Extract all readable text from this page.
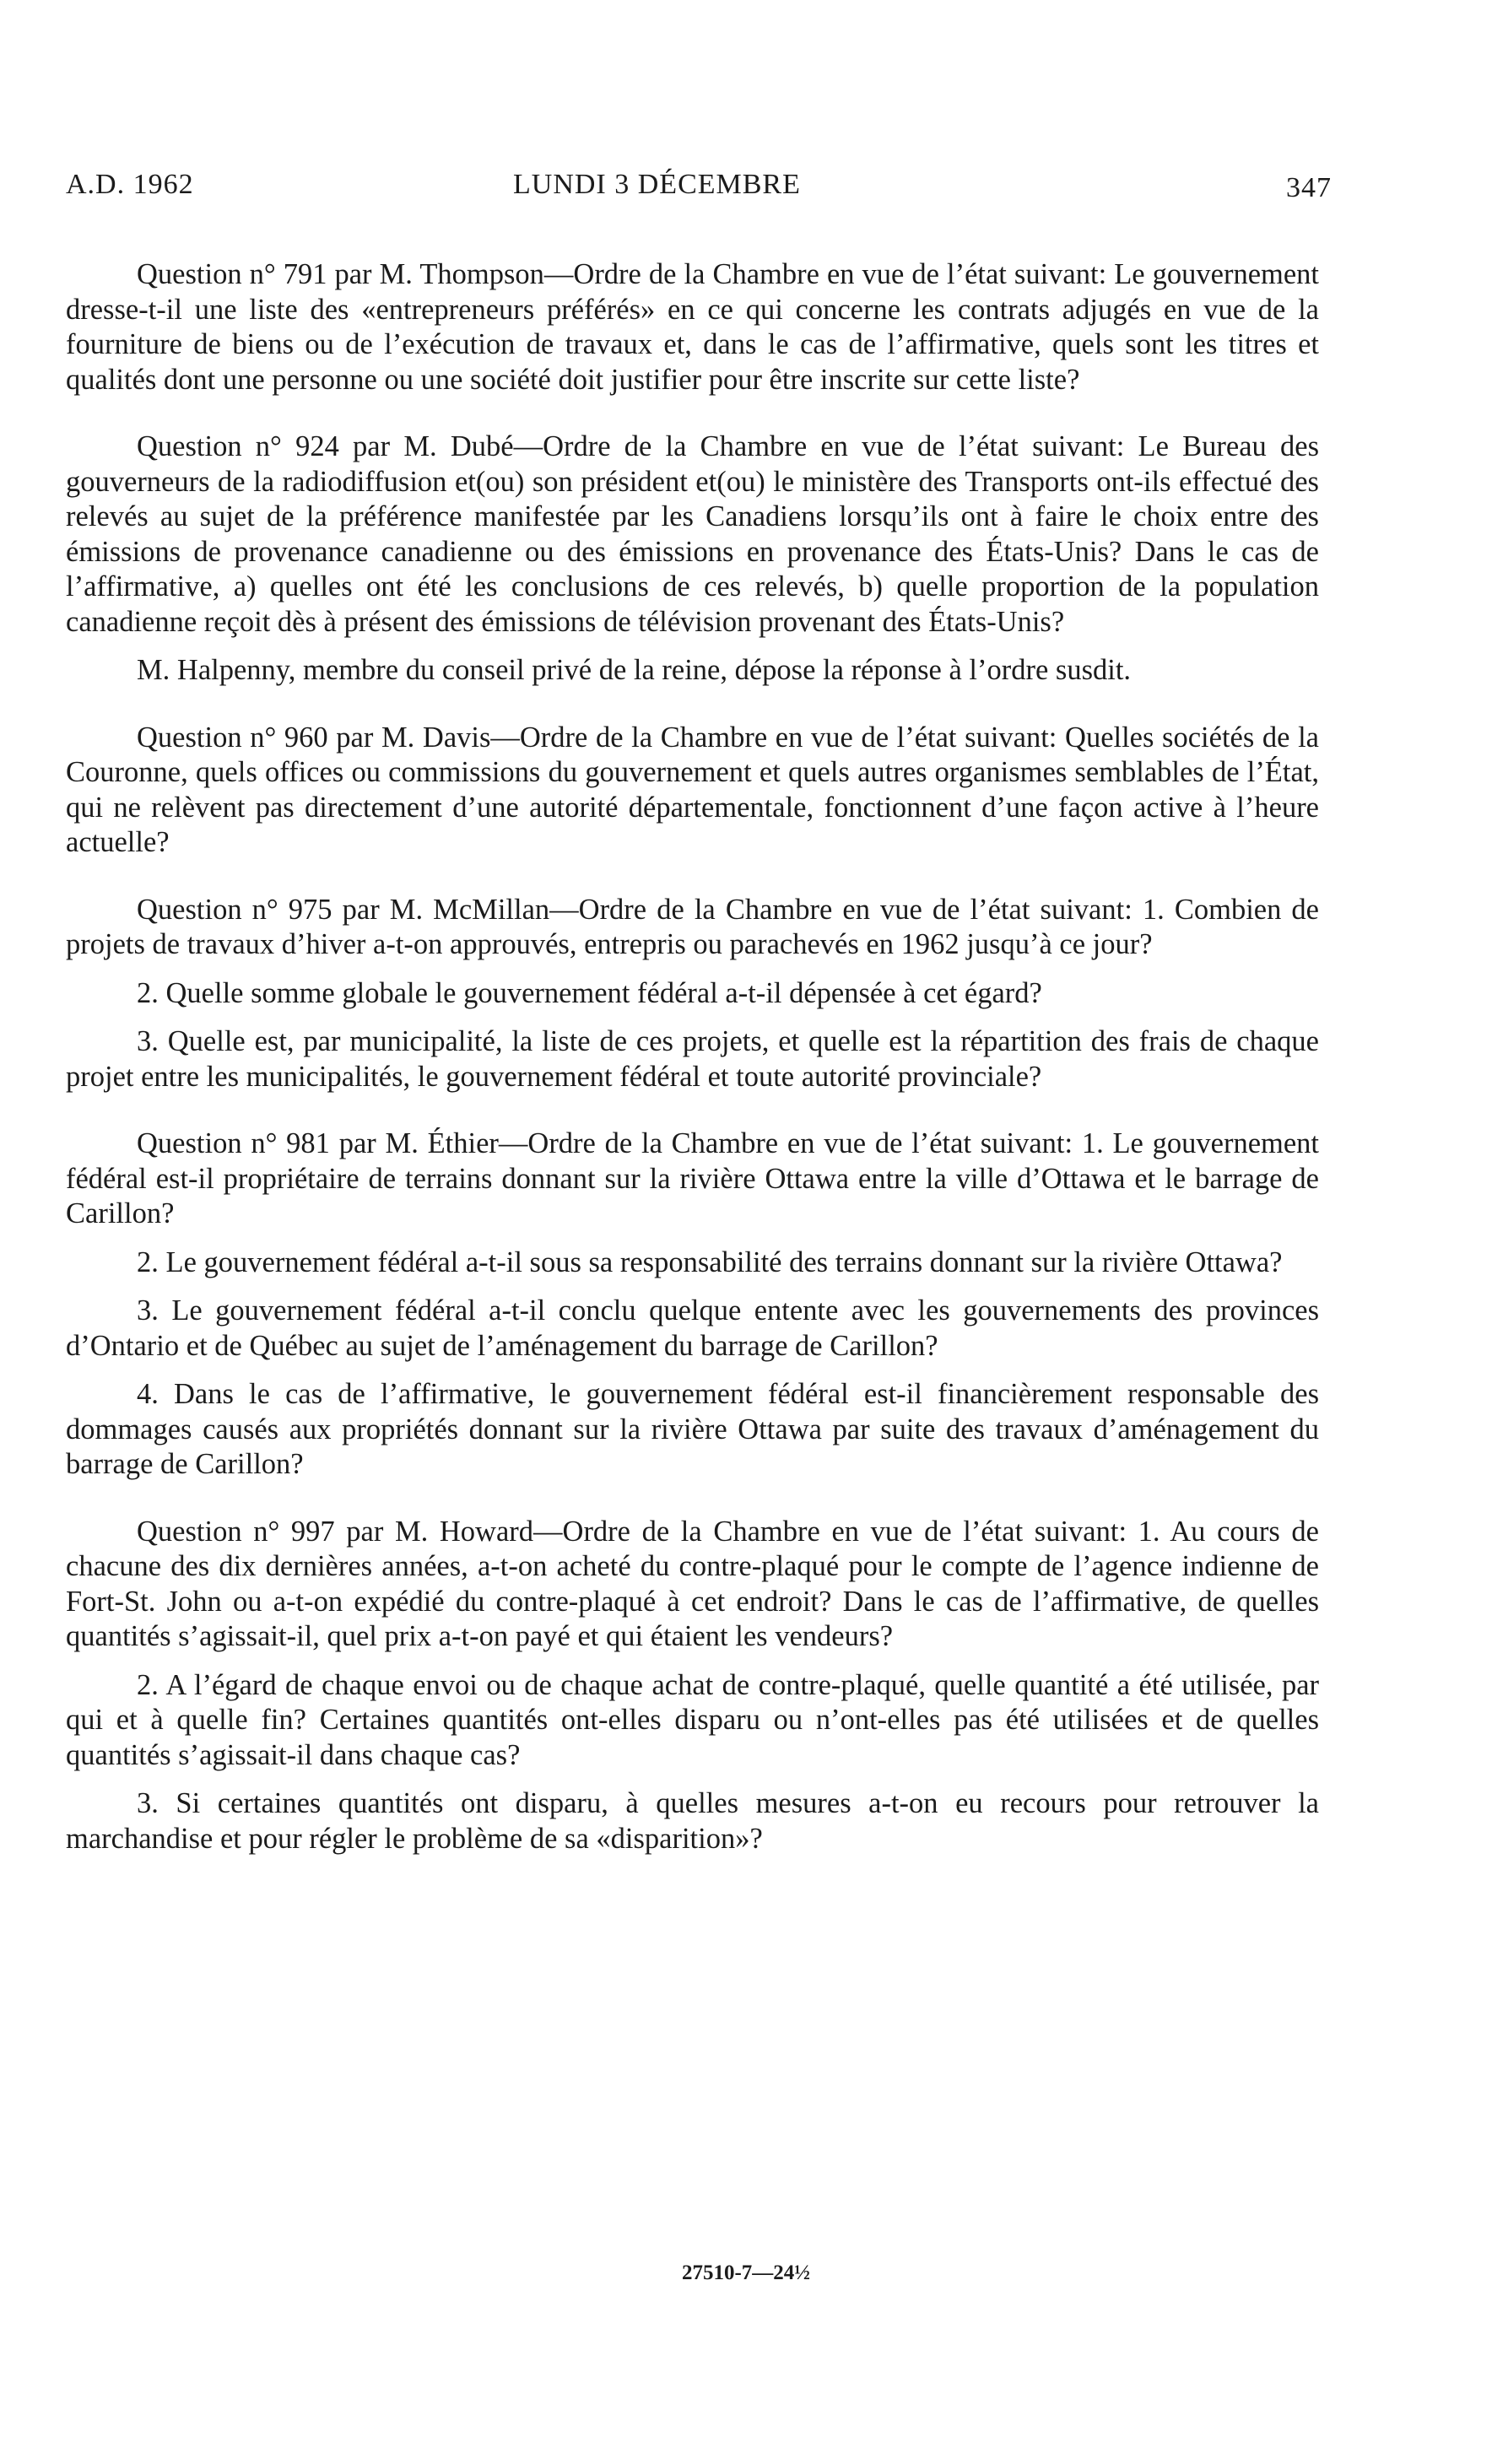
A.D. 1962	LUNDI 3 DÉCEMBRE	347

Question n° 791 par M. Thompson—Ordre de la Chambre en vue de l’état suivant: Le gouvernement dresse-t-il une liste des «entrepreneurs préférés» en ce qui concerne les contrats adjugés en vue de la fourniture de biens ou de l’exécution de travaux et, dans le cas de l’affirmative, quels sont les titres et qualités dont une personne ou une société doit justifier pour être inscrite sur cette liste?

Question n° 924 par M. Dubé—Ordre de la Chambre en vue de l’état suivant: Le Bureau des gouverneurs de la radiodiffusion et(ou) son président et(ou) le ministère des Transports ont-ils effectué des relevés au sujet de la préférence manifestée par les Canadiens lorsqu’ils ont à faire le choix entre des émissions de provenance canadienne ou des émissions en provenance des États-Unis? Dans le cas de l’affirmative, a) quelles ont été les conclusions de ces relevés, b) quelle proportion de la population canadienne reçoit dès à présent des émissions de télévision provenant des États-Unis?

M. Halpenny, membre du conseil privé de la reine, dépose la réponse à l’ordre susdit.

Question n° 960 par M. Davis—Ordre de la Chambre en vue de l’état suivant: Quelles sociétés de la Couronne, quels offices ou commissions du gouvernement et quels autres organismes semblables de l’État, qui ne relèvent pas directement d’une autorité départementale, fonctionnent d’une façon active à l’heure actuelle?

Question n° 975 par M. McMillan—Ordre de la Chambre en vue de l’état suivant: 1. Combien de projets de travaux d’hiver a-t-on approuvés, entrepris ou parachevés en 1962 jusqu’à ce jour?

2. Quelle somme globale le gouvernement fédéral a-t-il dépensée à cet égard?

3. Quelle est, par municipalité, la liste de ces projets, et quelle est la répartition des frais de chaque projet entre les municipalités, le gouvernement fédéral et toute autorité provinciale?

Question n° 981 par M. Éthier—Ordre de la Chambre en vue de l’état suivant: 1. Le gouvernement fédéral est-il propriétaire de terrains donnant sur la rivière Ottawa entre la ville d’Ottawa et le barrage de Carillon?

2. Le gouvernement fédéral a-t-il sous sa responsabilité des terrains donnant sur la rivière Ottawa?

3. Le gouvernement fédéral a-t-il conclu quelque entente avec les gouvernements des provinces d’Ontario et de Québec au sujet de l’aménagement du barrage de Carillon?

4. Dans le cas de l’affirmative, le gouvernement fédéral est-il financièrement responsable des dommages causés aux propriétés donnant sur la rivière Ottawa par suite des travaux d’aménagement du barrage de Carillon?

Question n° 997 par M. Howard—Ordre de la Chambre en vue de l’état suivant: 1. Au cours de chacune des dix dernières années, a-t-on acheté du contre-plaqué pour le compte de l’agence indienne de Fort-St. John ou a-t-on expédié du contre-plaqué à cet endroit? Dans le cas de l’affirmative, de quelles quantités s’agissait-il, quel prix a-t-on payé et qui étaient les vendeurs?

2. A l’égard de chaque envoi ou de chaque achat de contre-plaqué, quelle quantité a été utilisée, par qui et à quelle fin? Certaines quantités ont-elles disparu ou n’ont-elles pas été utilisées et de quelles quantités s’agissait-il dans chaque cas?

3. Si certaines quantités ont disparu, à quelles mesures a-t-on eu recours pour retrouver la marchandise et pour régler le problème de sa «disparition»?

27510-7—24½
